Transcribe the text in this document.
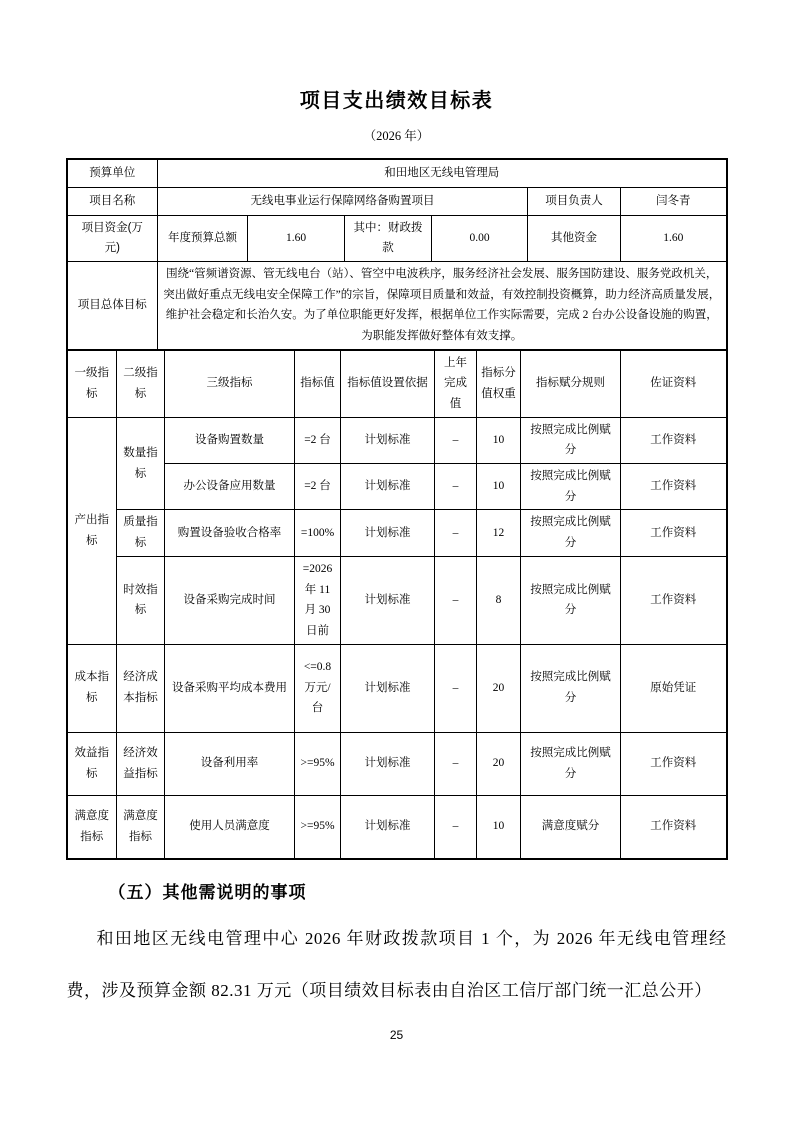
项目支出绩效目标表
（2026 年）
预算单位	和田地区无线电管理局					
项目名称	无线电事业运行保障网络备购置项目				项目负责人	闫冬青
项目资金(万元)	年度预算总额	1.60	其中：财政拨款	0.00	其他资金	1.60
项目总体目标	围绕“管频谱资源、管无线电台（站）、管空中电波秩序，服务经济社会发展、服务国防建设、服务党政机关，突出做好重点无线电安全保障工作”的宗旨，保障项目质量和效益，有效控制投资概算，助力经济高质量发展，维护社会稳定和长治久安。为了单位职能更好发挥，根据单位工作实际需要，完成 2 台办公设备设施的购置，为职能发挥做好整体有效支撑。					
一级指标	二级指标	三级指标	指标值	指标值设置依据	上年完成值	指标分值权重	指标赋分规则	佐证资料
产出指标	数量指标	设备购置数量	=2 台	计划标准	–	10	按照完成比例赋分	工作资料
		办公设备应用数量	=2 台	计划标准	–	10	按照完成比例赋分	工作资料
	质量指标	购置设备验收合格率	=100%	计划标准	–	12	按照完成比例赋分	工作资料
	时效指标	设备采购完成时间	=2026 年 11 月 30 日前	计划标准	–	8	按照完成比例赋分	工作资料
成本指标	经济成本指标	设备采购平均成本费用	<=0.8 万元/台	计划标准	–	20	按照完成比例赋分	原始凭证
效益指标	经济效益指标	设备利用率	>=95%	计划标准	–	20	按照完成比例赋分	工作资料
满意度指标	满意度指标	使用人员满意度	>=95%	计划标准	–	10	满意度赋分	工作资料
（五）其他需说明的事项

和田地区无线电管理中心 2026 年财政拨款项目 1 个，为 2026 年无线电管理经费，涉及预算金额 82.31 万元（项目绩效目标表由自治区工信厅部门统一汇总公开）

25
